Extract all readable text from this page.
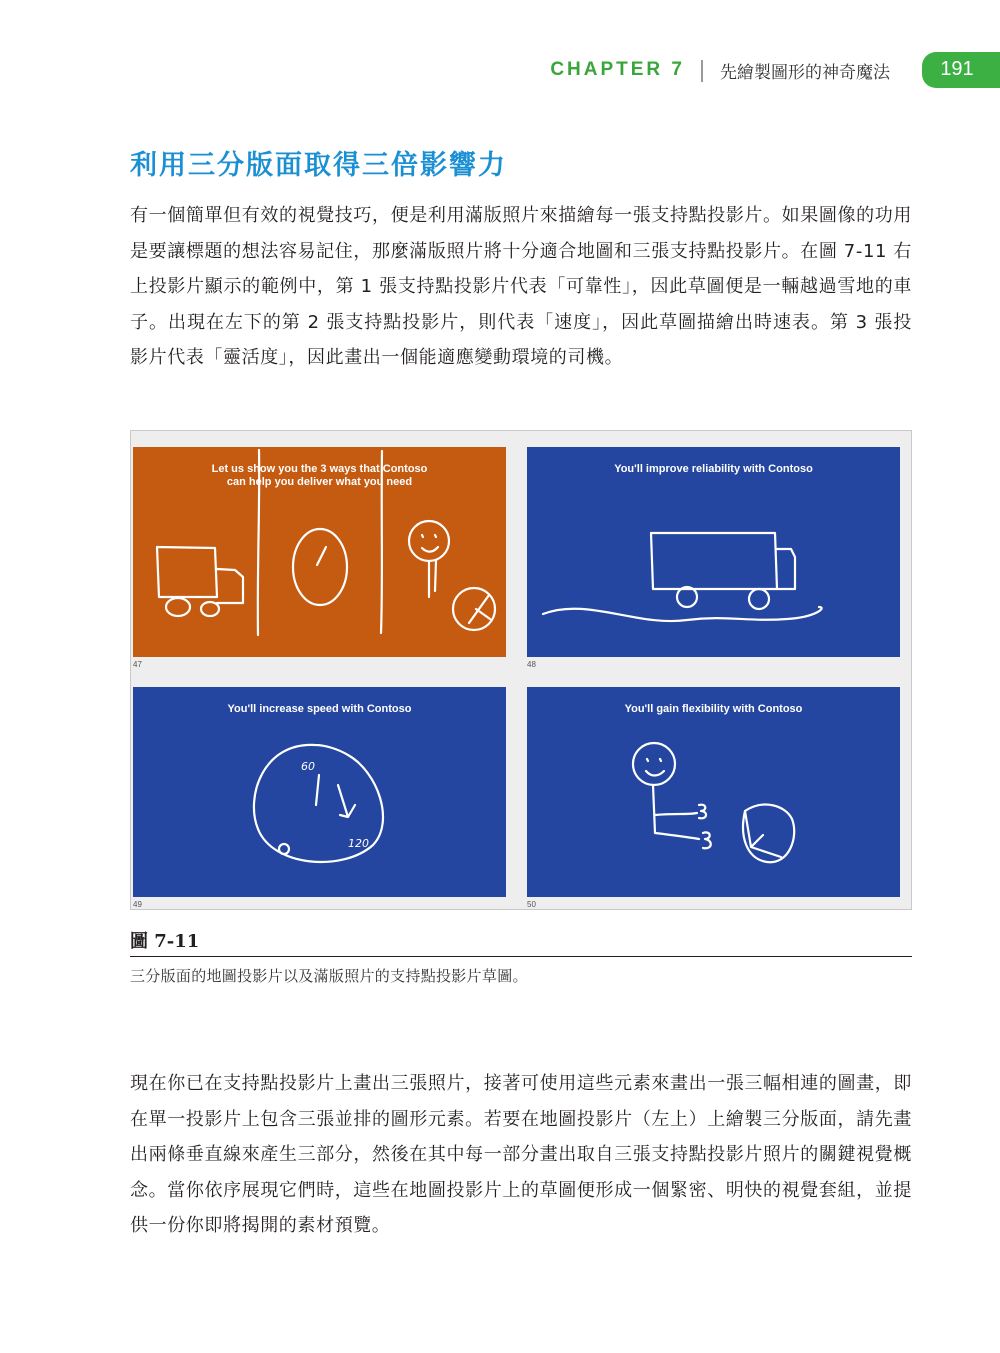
CHAPTER 7 先繪製圖形的神奇魔法	191
利用三分版面取得三倍影響力

有一個簡單但有效的視覺技巧，便是利用滿版照片來描繪每一張支持點投影片。如果圖像的功用是要讓標題的想法容易記住，那麼滿版照片將十分適合地圖和三張支持點投影片。在圖 7-11 右上投影片顯示的範例中，第 1 張支持點投影片代表「可靠性」，因此草圖便是一輛越過雪地的車子。出現在左下的第 2 張支持點投影片，則代表「速度」，因此草圖描繪出時速表。第 3 張投影片代表「靈活度」，因此畫出一個能適應變動環境的司機。

Let us show you the 3 ways that Contoso
can help you deliver what you need
47
You'll improve reliability with Contoso
48
You'll increase speed with Contoso
60
120
49
You'll gain flexibility with Contoso
50

圖 7-11

三分版面的地圖投影片以及滿版照片的支持點投影片草圖。

現在你已在支持點投影片上畫出三張照片，接著可使用這些元素來畫出一張三幅相連的圖畫，即在單一投影片上包含三張並排的圖形元素。若要在地圖投影片（左上）上繪製三分版面，請先畫出兩條垂直線來產生三部分，然後在其中每一部分畫出取自三張支持點投影片照片的關鍵視覺概念。當你依序展現它們時，這些在地圖投影片上的草圖便形成一個緊密、明快的視覺套組，並提供一份你即將揭開的素材預覽。
